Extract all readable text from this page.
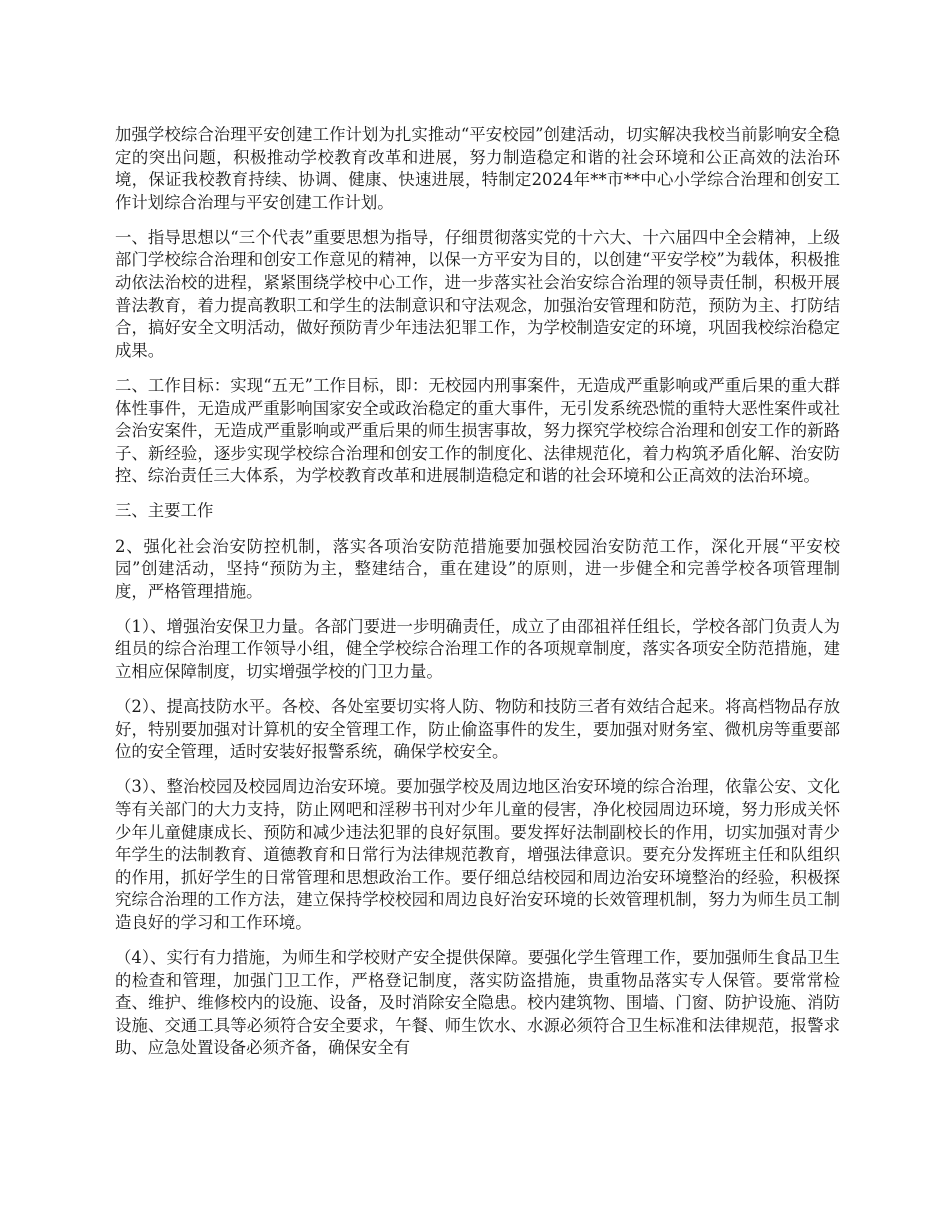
加强学校综合治理平安创建工作计划为扎实推动“平安校园”创建活动，切实解决我校当前影响安全稳定的突出问题，积极推动学校教育改革和进展，努力制造稳定和谐的社会环境和公正高效的法治环境，保证我校教育持续、协调、健康、快速进展，特制定2024年**市**中心小学综合治理和创安工作计划综合治理与平安创建工作计划。

一、指导思想以“三个代表”重要思想为指导，仔细贯彻落实党的十六大、十六届四中全会精神，上级部门学校综合治理和创安工作意见的精神，以保一方平安为目的，以创建“平安学校”为载体，积极推动依法治校的进程，紧紧围绕学校中心工作，进一步落实社会治安综合治理的领导责任制，积极开展普法教育，着力提高教职工和学生的法制意识和守法观念，加强治安管理和防范，预防为主、打防结合，搞好安全文明活动，做好预防青少年违法犯罪工作，为学校制造安定的环境，巩固我校综治稳定成果。

二、工作目标：实现“五无”工作目标，即：无校园内刑事案件，无造成严重影响或严重后果的重大群体性事件，无造成严重影响国家安全或政治稳定的重大事件，无引发系统恐慌的重特大恶性案件或社会治安案件，无造成严重影响或严重后果的师生损害事故，努力探究学校综合治理和创安工作的新路子、新经验，逐步实现学校综合治理和创安工作的制度化、法律规范化，着力构筑矛盾化解、治安防控、综治责任三大体系，为学校教育改革和进展制造稳定和谐的社会环境和公正高效的法治环境。

三、主要工作

2、强化社会治安防控机制，落实各项治安防范措施要加强校园治安防范工作，深化开展“平安校园”创建活动，坚持“预防为主，整建结合，重在建设”的原则，进一步健全和完善学校各项管理制度，严格管理措施。

（1）、增强治安保卫力量。各部门要进一步明确责任，成立了由邵祖祥任组长，学校各部门负责人为组员的综合治理工作领导小组，健全学校综合治理工作的各项规章制度，落实各项安全防范措施，建立相应保障制度，切实增强学校的门卫力量。

（2）、提高技防水平。各校、各处室要切实将人防、物防和技防三者有效结合起来。将高档物品存放好，特别要加强对计算机的安全管理工作，防止偷盗事件的发生，要加强对财务室、微机房等重要部位的安全管理，适时安装好报警系统，确保学校安全。

（3）、整治校园及校园周边治安环境。要加强学校及周边地区治安环境的综合治理，依靠公安、文化等有关部门的大力支持，防止网吧和淫秽书刊对少年儿童的侵害，净化校园周边环境，努力形成关怀少年儿童健康成长、预防和减少违法犯罪的良好氛围。要发挥好法制副校长的作用，切实加强对青少年学生的法制教育、道德教育和日常行为法律规范教育，增强法律意识。要充分发挥班主任和队组织的作用，抓好学生的日常管理和思想政治工作。要仔细总结校园和周边治安环境整治的经验，积极探究综合治理的工作方法，建立保持学校校园和周边良好治安环境的长效管理机制，努力为师生员工制造良好的学习和工作环境。

（4）、实行有力措施，为师生和学校财产安全提供保障。要强化学生管理工作，要加强师生食品卫生的检查和管理，加强门卫工作，严格登记制度，落实防盗措施，贵重物品落实专人保管。要常常检查、维护、维修校内的设施、设备，及时消除安全隐患。校内建筑物、围墙、门窗、防护设施、消防设施、交通工具等必须符合安全要求，午餐、师生饮水、水源必须符合卫生标准和法律规范，报警求助、应急处置设备必须齐备，确保安全有
